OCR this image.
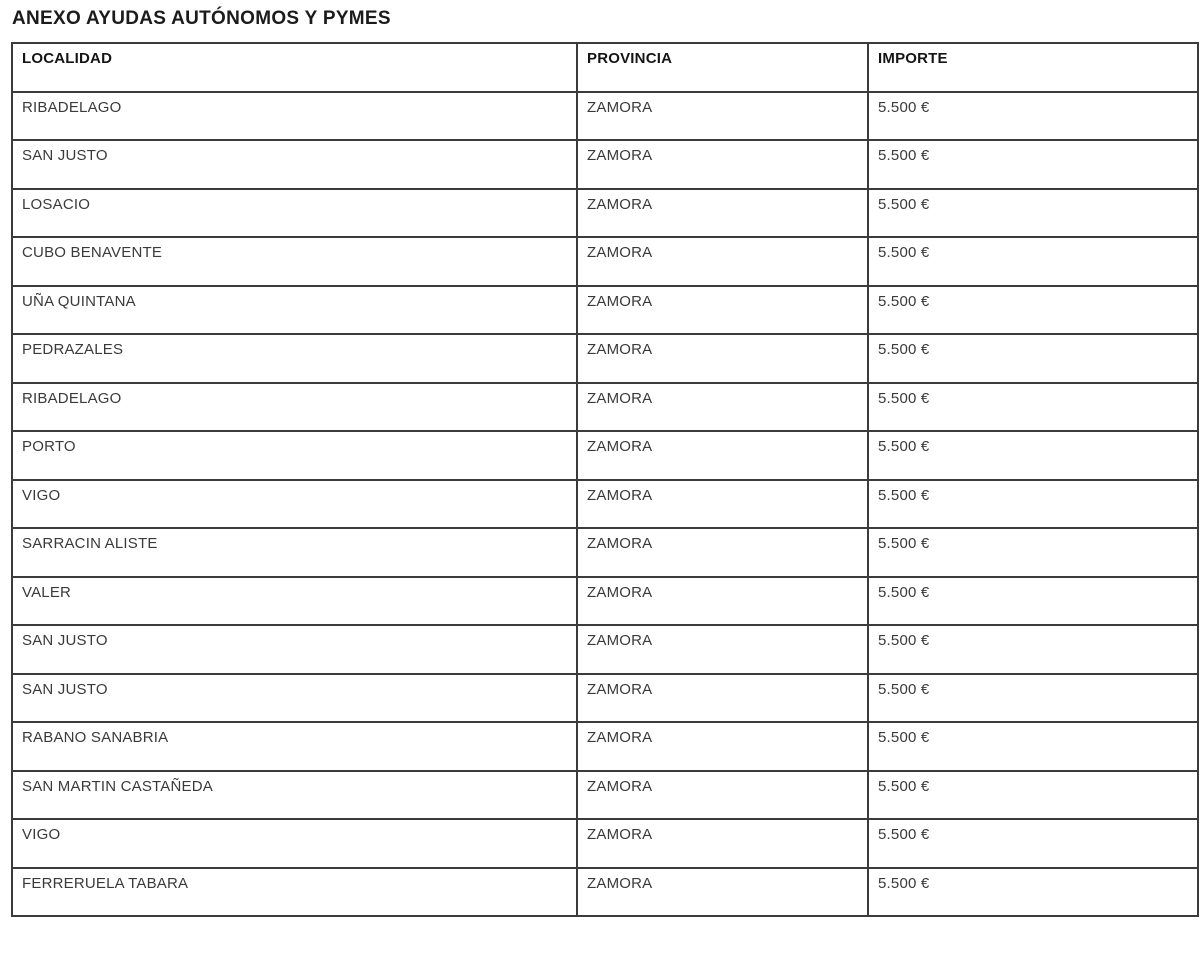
ANEXO AYUDAS AUTÓNOMOS Y PYMES
LOCALIDAD	PROVINCIA	IMPORTE
RIBADELAGO	ZAMORA	5.500 €
SAN JUSTO	ZAMORA	5.500 €
LOSACIO	ZAMORA	5.500 €
CUBO BENAVENTE	ZAMORA	5.500 €
UÑA QUINTANA	ZAMORA	5.500 €
PEDRAZALES	ZAMORA	5.500 €
RIBADELAGO	ZAMORA	5.500 €
PORTO	ZAMORA	5.500 €
VIGO	ZAMORA	5.500 €
SARRACIN ALISTE	ZAMORA	5.500 €
VALER	ZAMORA	5.500 €
SAN JUSTO	ZAMORA	5.500 €
SAN JUSTO	ZAMORA	5.500 €
RABANO SANABRIA	ZAMORA	5.500 €
SAN MARTIN CASTAÑEDA	ZAMORA	5.500 €
VIGO	ZAMORA	5.500 €
FERRERUELA TABARA	ZAMORA	5.500 €
